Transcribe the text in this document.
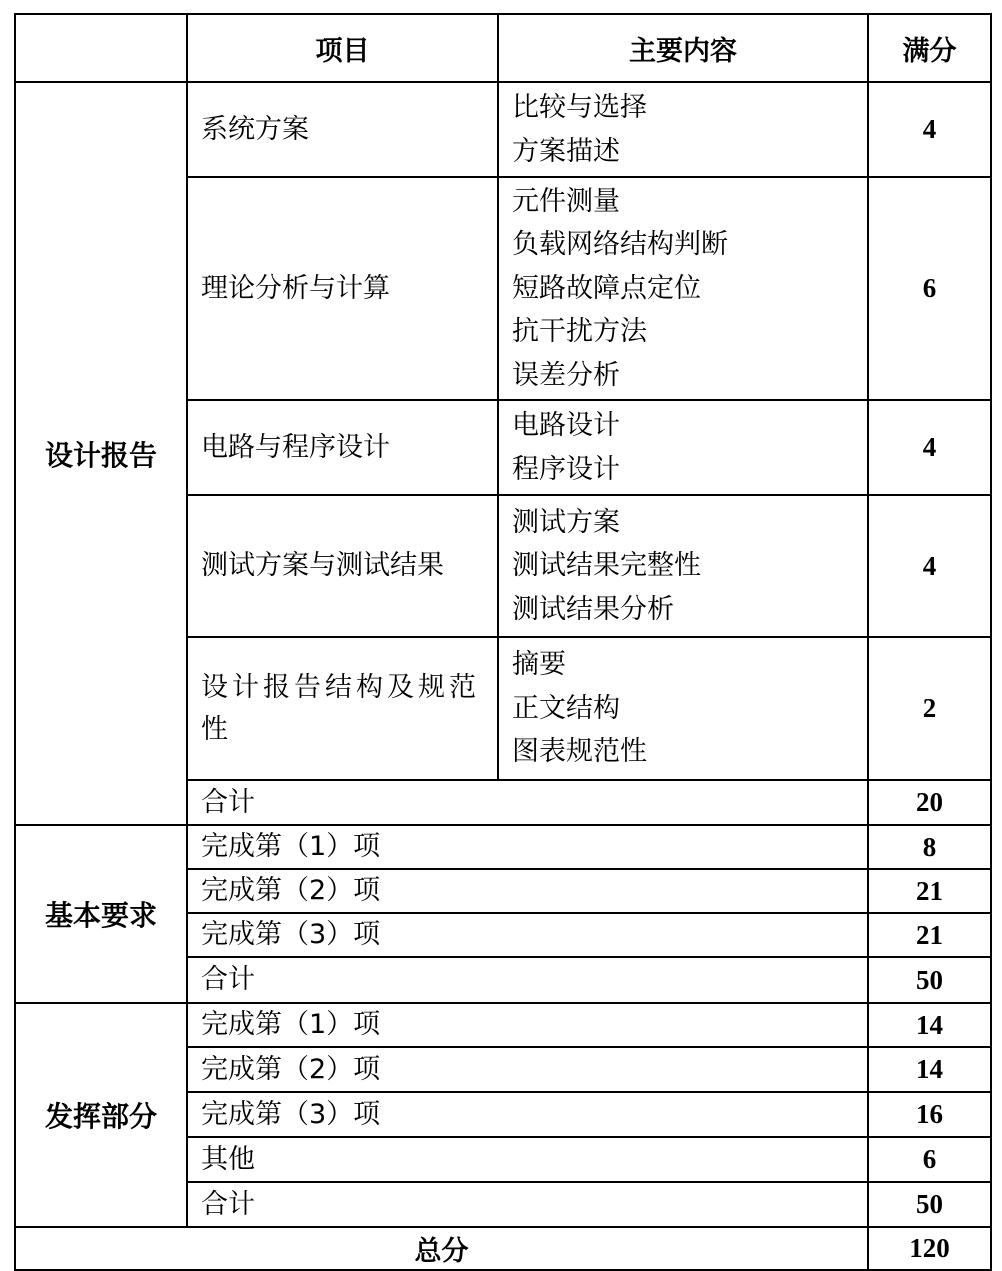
	项目	主要内容	满分
设计报告	系统方案	比较与选择
方案描述	4
	理论分析与计算	元件测量
负载网络结构判断
短路故障点定位
抗干扰方法
误差分析	6
	电路与程序设计	电路设计
程序设计	4
	测试方案与测试结果	测试方案
测试结果完整性
测试结果分析	4
	设计报告结构及规范性	摘要
正文结构
图表规范性	2
	合计		20
基本要求	完成第（1）项		8
	完成第（2）项		21
	完成第（3）项		21
	合计		50
发挥部分	完成第（1）项		14
	完成第（2）项		14
	完成第（3）项		16
	其他		6
	合计		50
总分			120
